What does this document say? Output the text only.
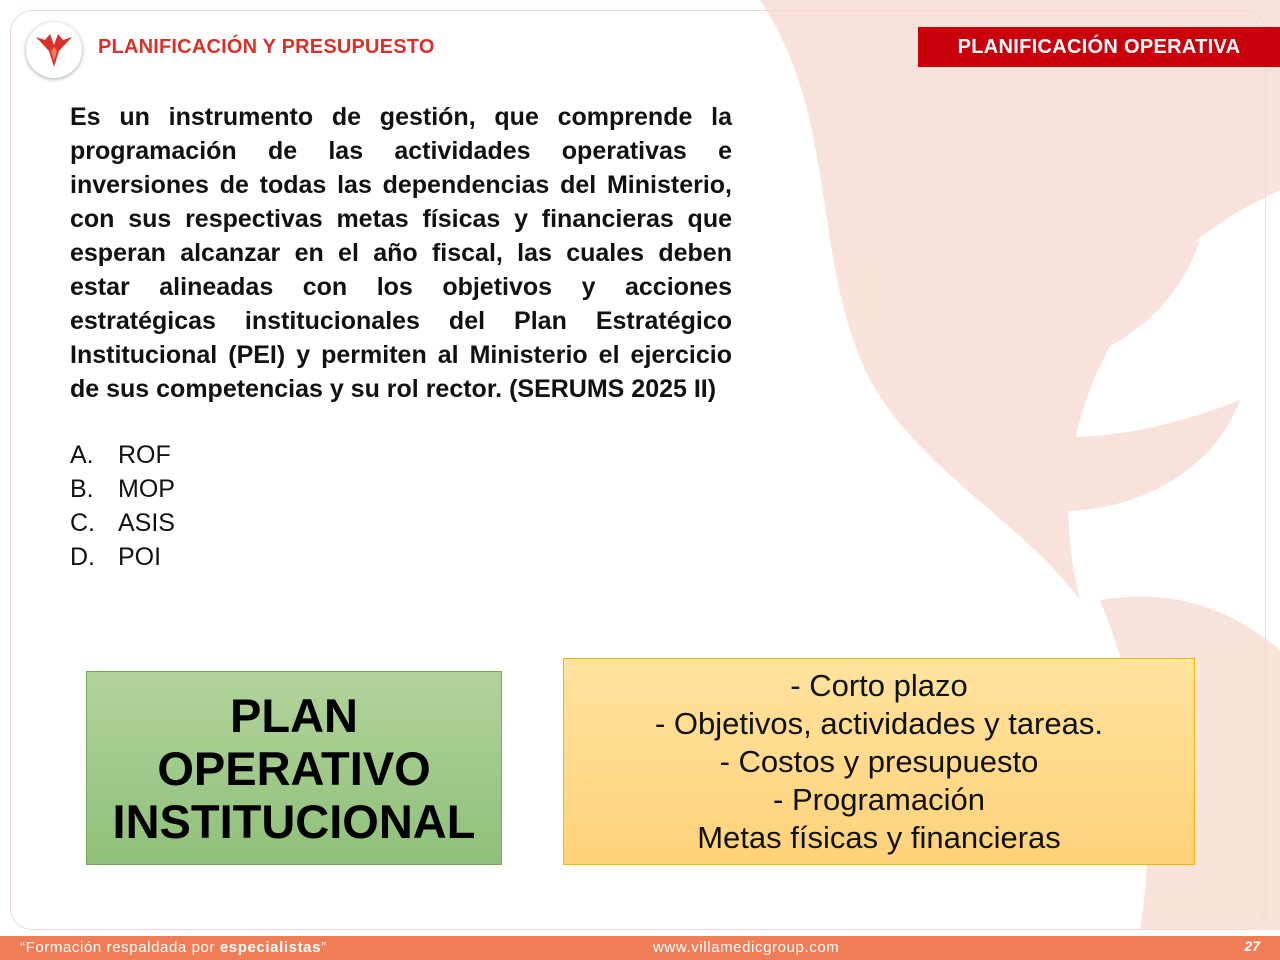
PLANIFICACIÓN Y PRESUPUESTO	PLANIFICACIÓN OPERATIVA

Es un instrumento de gestión, que comprende la programación de las actividades operativas e inversiones de todas las dependencias del Ministerio, con sus respectivas metas físicas y financieras que esperan alcanzar en el año fiscal, las cuales deben estar alineadas con los objetivos y acciones estratégicas institucionales del Plan Estratégico Institucional (PEI) y permiten al Ministerio el ejercicio de sus competencias y su rol rector. (SERUMS 2025 II)

A. ROF
B. MOP
C. ASIS
D. POI
PLAN
OPERATIVO
INSTITUCIONAL
- Corto plazo
- Objetivos, actividades y tareas.
- Costos y presupuesto
- Programación
Metas físicas y financieras
“Formación respaldada por especialistas”	www.villamedicgroup.com	27
